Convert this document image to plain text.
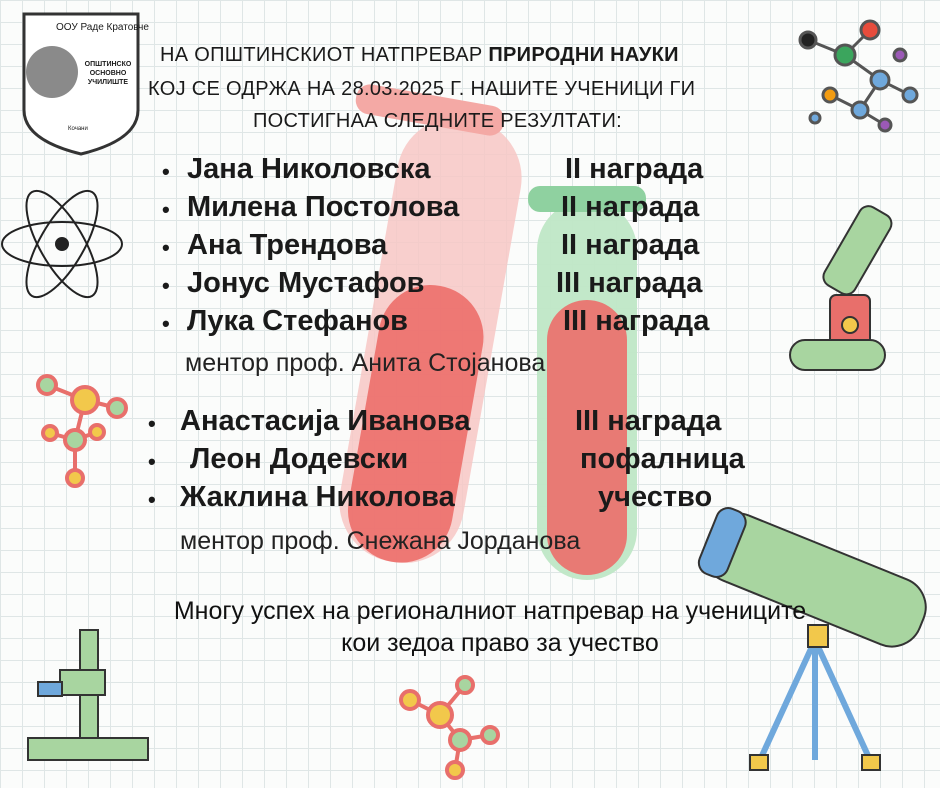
ООУ Раде Кратовче
ОПШТИНСКО ОСНОВНО УЧИЛИШТЕ
Кочани
НА ОПШТИНСКИОТ НАТПРЕВАР ПРИРОДНИ НАУКИ
КОЈ СЕ ОДРЖА НА 28.03.2025 Г. НАШИТЕ УЧЕНИЦИ ГИ
ПОСТИГНАА СЛЕДНИТЕ РЕЗУЛТАТИ:
• Јана Николовска	II награда
• Милена Постолова	II награда
• Ана Трендова	II награда
• Јонус Мустафов	III награда
• Лука Стефанов	III награда
ментор проф. Анита Стојанова
• Анастасија Иванова	III награда
• Леон Додевски	пофалница
• Жаклина Николова	учество
ментор проф. Снежана Јорданова
Многу успех на регионалниот натпревар на учениците
кои зедоа право за учество
